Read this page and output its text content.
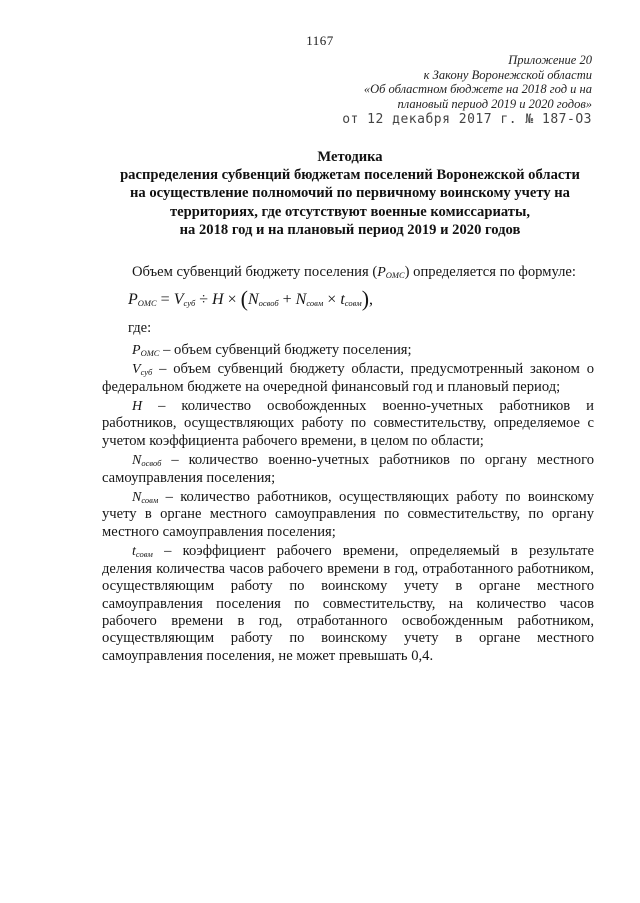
1167
Приложение 20
к Закону Воронежской области
«Об областном бюджете на 2018 год и на
плановый период 2019 и 2020 годов»
от 12 декабря 2017 г. № 187-ОЗ
Методика
распределения субвенций бюджетам поселений Воронежской области
на осуществление полномочий по первичному воинскому учету на
территориях, где отсутствуют военные комиссариаты,
на 2018 год и на плановый период 2019 и 2020 годов

Объем субвенций бюджету поселения $(P_{ОМС})$ определяется по формуле:

$P_{ОМС} = V_{суб} \div H \times (N_{освоб} + N_{совм} \times t_{совм})$,
где:

$P_{ОМС}$ – объем субвенций бюджету поселения;

$V_{суб}$ – объем субвенций бюджету области, предусмотренный законом о федеральном бюджете на очередной финансовый год и плановый период;

H – количество освобожденных военно-учетных работников и работников, осуществляющих работу по совместительству, определяемое с учетом коэффициента рабочего времени, в целом по области;

$N_{освоб}$ – количество военно-учетных работников по органу местного самоуправления поселения;

$N_{совм}$ – количество работников, осуществляющих работу по воинскому учету в органе местного самоуправления по совместительству, по органу местного самоуправления поселения;

$t_{совм}$ – коэффициент рабочего времени, определяемый в результате деления количества часов рабочего времени в год, отработанного работником, осуществляющим работу по воинскому учету в органе местного самоуправления поселения по совместительству, на количество часов рабочего времени в год, отработанного освобожденным работником, осуществляющим работу по воинскому учету в органе местного самоуправления поселения, не может превышать 0,4.
